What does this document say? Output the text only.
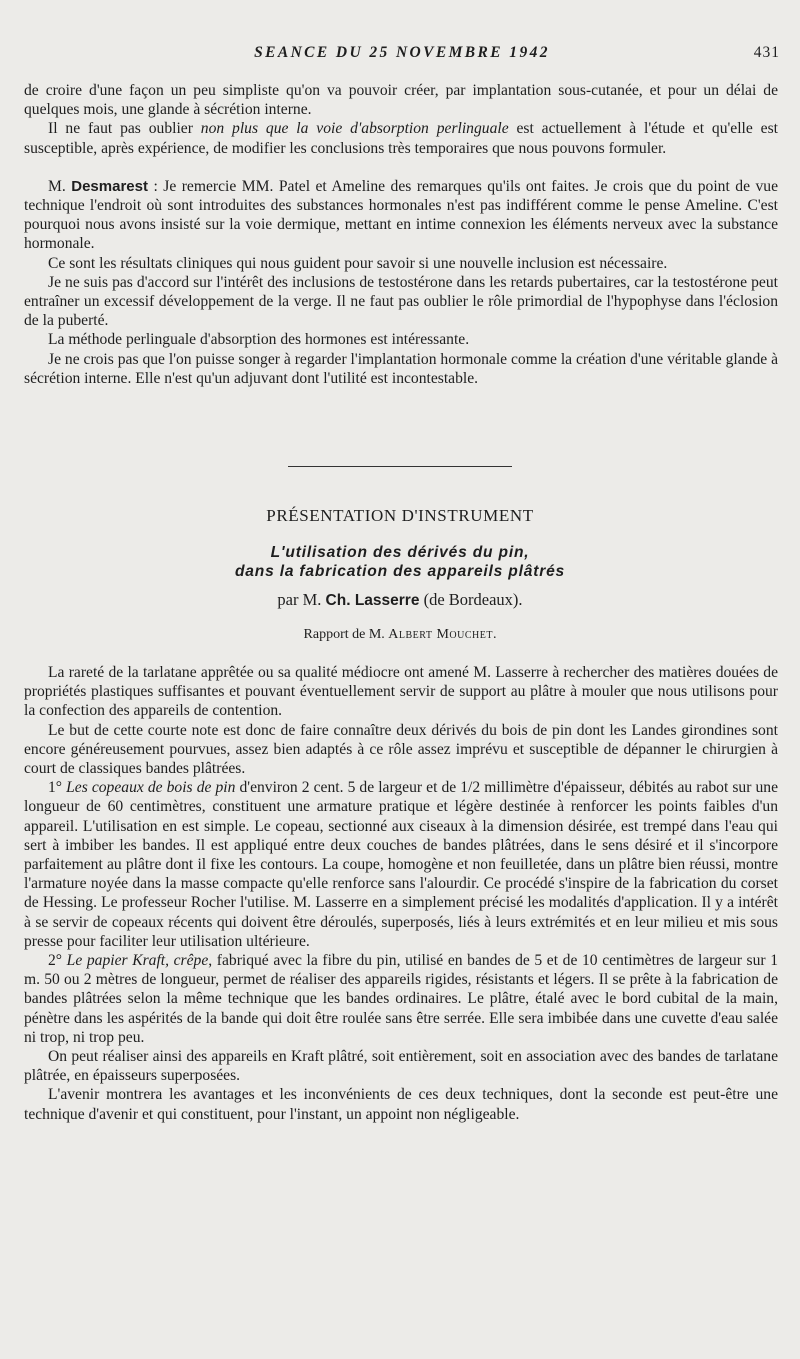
SEANCE DU 25 NOVEMBRE 1942	431

de croire d'une façon un peu simpliste qu'on va pouvoir créer, par implantation sous-cutanée, et pour un délai de quelques mois, une glande à sécrétion interne.

Il ne faut pas oublier non plus que la voie d'absorption perlinguale est actuellement à l'étude et qu'elle est susceptible, après expérience, de modifier les conclusions très temporaires que nous pouvons formuler.

M. Desmarest : Je remercie MM. Patel et Ameline des remarques qu'ils ont faites. Je crois que du point de vue technique l'endroit où sont introduites des substances hormonales n'est pas indifférent comme le pense Ameline. C'est pourquoi nous avons insisté sur la voie dermique, mettant en intime connexion les éléments nerveux avec la substance hormonale.

Ce sont les résultats cliniques qui nous guident pour savoir si une nouvelle inclusion est nécessaire.

Je ne suis pas d'accord sur l'intérêt des inclusions de testostérone dans les retards pubertaires, car la testostérone peut entraîner un excessif développement de la verge. Il ne faut pas oublier le rôle primordial de l'hypophyse dans l'éclosion de la puberté.

La méthode perlinguale d'absorption des hormones est intéressante.

Je ne crois pas que l'on puisse songer à regarder l'implantation hormonale comme la création d'une véritable glande à sécrétion interne. Elle n'est qu'un adjuvant dont l'utilité est incontestable.

PRÉSENTATION D'INSTRUMENT
L'utilisation des dérivés du pin,
dans la fabrication des appareils plâtrés
par M. Ch. Lasserre (de Bordeaux).
Rapport de M. Albert Mouchet.

La rareté de la tarlatane apprêtée ou sa qualité médiocre ont amené M. Lasserre à rechercher des matières douées de propriétés plastiques suffisantes et pouvant éventuellement servir de support au plâtre à mouler que nous utilisons pour la confection des appareils de contention.

Le but de cette courte note est donc de faire connaître deux dérivés du bois de pin dont les Landes girondines sont encore généreusement pourvues, assez bien adaptés à ce rôle assez imprévu et susceptible de dépanner le chirurgien à court de classiques bandes plâtrées.

1° Les copeaux de bois de pin d'environ 2 cent. 5 de largeur et de 1/2 millimètre d'épaisseur, débités au rabot sur une longueur de 60 centimètres, constituent une armature pratique et légère destinée à renforcer les points faibles d'un appareil. L'utilisation en est simple. Le copeau, sectionné aux ciseaux à la dimension désirée, est trempé dans l'eau qui sert à imbiber les bandes. Il est appliqué entre deux couches de bandes plâtrées, dans le sens désiré et il s'incorpore parfaitement au plâtre dont il fixe les contours. La coupe, homogène et non feuilletée, dans un plâtre bien réussi, montre l'armature noyée dans la masse compacte qu'elle renforce sans l'alourdir. Ce procédé s'inspire de la fabrication du corset de Hessing. Le professeur Rocher l'utilise. M. Lasserre en a simplement précisé les modalités d'application. Il y a intérêt à se servir de copeaux récents qui doivent être déroulés, superposés, liés à leurs extrémités et en leur milieu et mis sous presse pour faciliter leur utilisation ultérieure.

2° Le papier Kraft, crêpe, fabriqué avec la fibre du pin, utilisé en bandes de 5 et de 10 centimètres de largeur sur 1 m. 50 ou 2 mètres de longueur, permet de réaliser des appareils rigides, résistants et légers. Il se prête à la fabrication de bandes plâtrées selon la même technique que les bandes ordinaires. Le plâtre, étalé avec le bord cubital de la main, pénètre dans les aspérités de la bande qui doit être roulée sans être serrée. Elle sera imbibée dans une cuvette d'eau salée ni trop, ni trop peu.

On peut réaliser ainsi des appareils en Kraft plâtré, soit entièrement, soit en association avec des bandes de tarlatane plâtrée, en épaisseurs superposées.

L'avenir montrera les avantages et les inconvénients de ces deux techniques, dont la seconde est peut-être une technique d'avenir et qui constituent, pour l'instant, un appoint non négligeable.
